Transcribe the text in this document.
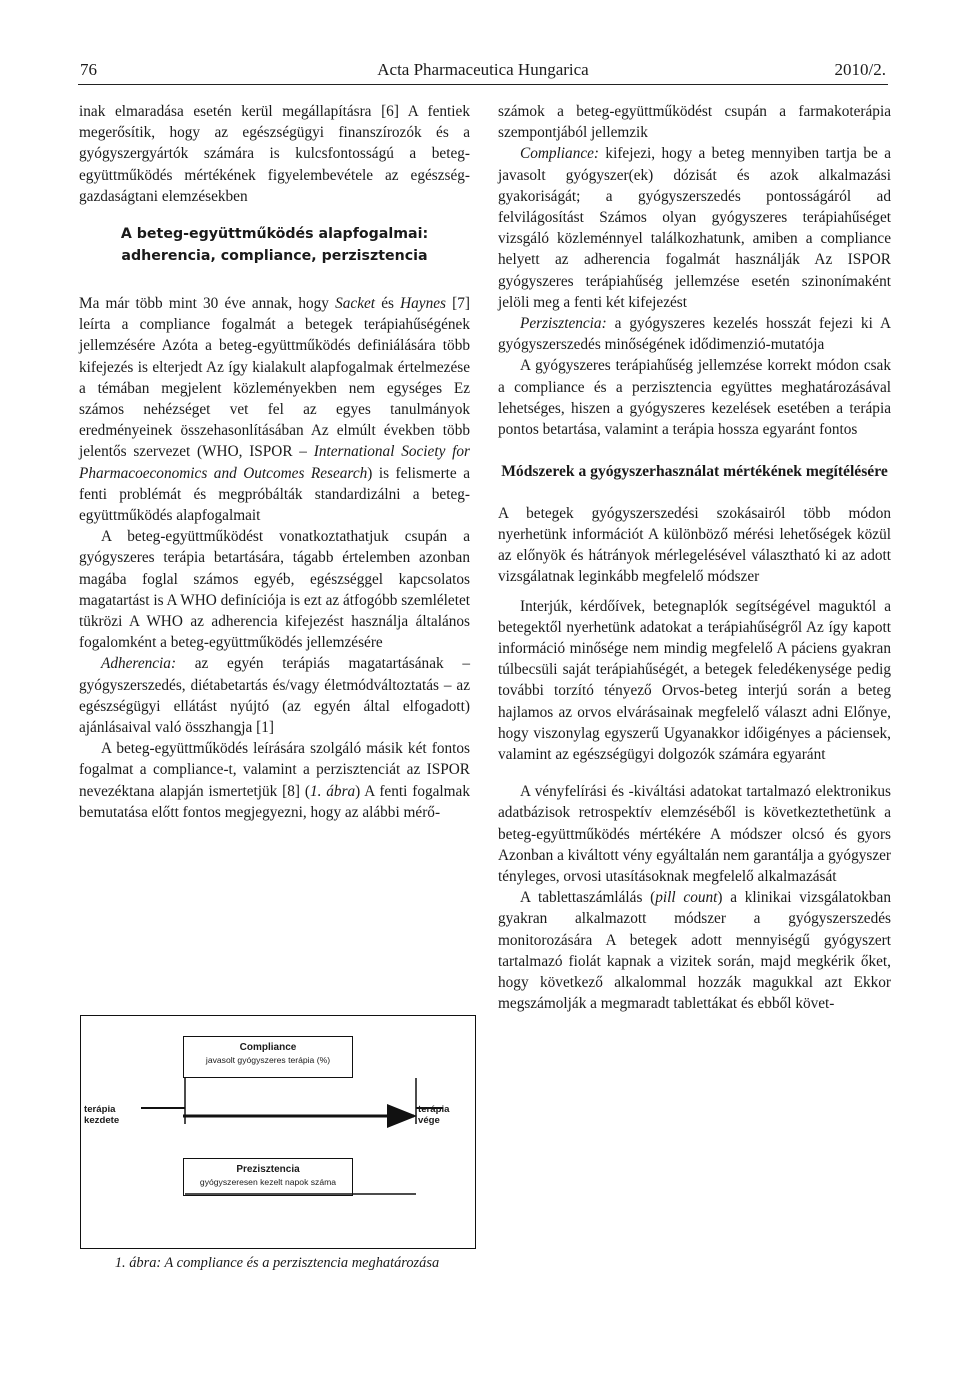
76	Acta Pharmaceutica Hungarica	2010/2.

inak elmaradása esetén kerül megállapításra [6] A fentiek megerősítik, hogy az egészségügyi finanszírozók és a gyógyszergyártók számára is kulcsfontosságú a beteg-együttműködés mértékének figyelembevétele az egészség-gazdaságtani elemzésekben

A beteg-együttműködés alapfogalmai: adherencia, compliance, perzisztencia

Ma már több mint 30 éve annak, hogy Sacket és Haynes [7] leírta a compliance fogalmát a betegek terápiahűségének jellemzésére Azóta a beteg-együttműködés definiálására több kifejezés is elterjedt Az így kialakult alapfogalmak értelmezése a témában megjelent közleményekben nem egységes Ez számos nehézséget vet fel az egyes tanulmányok eredményeinek összehasonlításában Az elmúlt években több jelentős szervezet (WHO, ISPOR – International Society for Pharmacoeconomics and Outcomes Research) is felismerte a fenti problémát és megpróbálták standardizálni a beteg-együttműködés alapfogalmait

A beteg-együttműködést vonatkoztathatjuk csupán a gyógyszeres terápia betartására, tágabb értelemben azonban magába foglal számos egyéb, egészséggel kapcsolatos magatartást is A WHO definíciója is ezt az átfogóbb szemléletet tükrözi A WHO az adherencia kifejezést használja általános fogalomként a beteg-együttműködés jellemzésére

Adherencia: az egyén terápiás magatartásának – gyógyszerszedés, diétabetartás és/vagy életmódváltoztatás – az egészségügyi ellátást nyújtó (az egyén által elfogadott) ajánlásaival való összhangja [1]

A beteg-együttműködés leírására szolgáló másik két fontos fogalmat a compliance-t, valamint a perzisztenciát az ISPOR nevezéktana alapján ismertetjük [8] (1. ábra) A fenti fogalmak bemutatása előtt fontos megjegyezni, hogy az alábbi mérő-

Compliance
javasolt gyógyszeres terápia (%)
terápia kezdete
terápia vége
Prezisztencia
gyógyszeresen kezelt napok száma
1. ábra: A compliance és a perzisztencia meghatározása

számok a beteg-együttműködést csupán a farmakoterápia szempontjából jellemzik

Compliance: kifejezi, hogy a beteg mennyiben tartja be a javasolt gyógyszer(ek) dózisát és azok alkalmazási gyakoriságát; a gyógyszerszedés pontosságáról ad felvilágosítást Számos olyan gyógyszeres terápiahűséget vizsgáló közleménnyel találkozhatunk, amiben a compliance helyett az adherencia fogalmát használják Az ISPOR gyógyszeres terápiahűség jellemzése esetén szinonímaként jelöli meg a fenti két kifejezést

Perzisztencia: a gyógyszeres kezelés hosszát fejezi ki A gyógyszerszedés minőségének idődimenzió-mutatója

A gyógyszeres terápiahűség jellemzése korrekt módon csak a compliance és a perzisztencia együttes meghatározásával lehetséges, hiszen a gyógyszeres kezelések esetében a terápia pontos betartása, valamint a terápia hossza egyaránt fontos

Módszerek a gyógyszerhasználat mértékének megítélésére

A betegek gyógyszerszedési szokásairól több módon nyerhetünk információt A különböző mérési lehetőségek közül az előnyök és hátrányok mérlegelésével választható ki az adott vizsgálatnak leginkább megfelelő módszer

Interjúk, kérdőívek, betegnaplók segítségével maguktól a betegektől nyerhetünk adatokat a terápiahűségről Az így kapott információ minősége nem mindig megfelelő A páciens gyakran túlbecsüli saját terápiahűségét, a betegek feledékenysége pedig további torzító tényező Orvos-beteg interjú során a beteg hajlamos az orvos elvárásainak megfelelő választ adni Előnye, hogy viszonylag egyszerű Ugyanakkor időigényes a páciensek, valamint az egészségügyi dolgozók számára egyaránt

A vényfelírási és -kiváltási adatokat tartalmazó elektronikus adatbázisok retrospektív elemzéséből is következtethetünk a beteg-együttműködés mértékére A módszer olcsó és gyors Azonban a kiváltott vény egyáltalán nem garantálja a gyógyszer tényleges, orvosi utasításoknak megfelelő alkalmazását

A tablettaszámlálás (pill count) a klinikai vizsgálatokban gyakran alkalmazott módszer a gyógyszerszedés monitorozására A betegek adott mennyiségű gyógyszert tartalmazó fiolát kapnak a vizitek során, majd megkérik őket, hogy következő alkalommal hozzák magukkal azt Ekkor megszámolják a megmaradt tablettákat és ebből követ-
